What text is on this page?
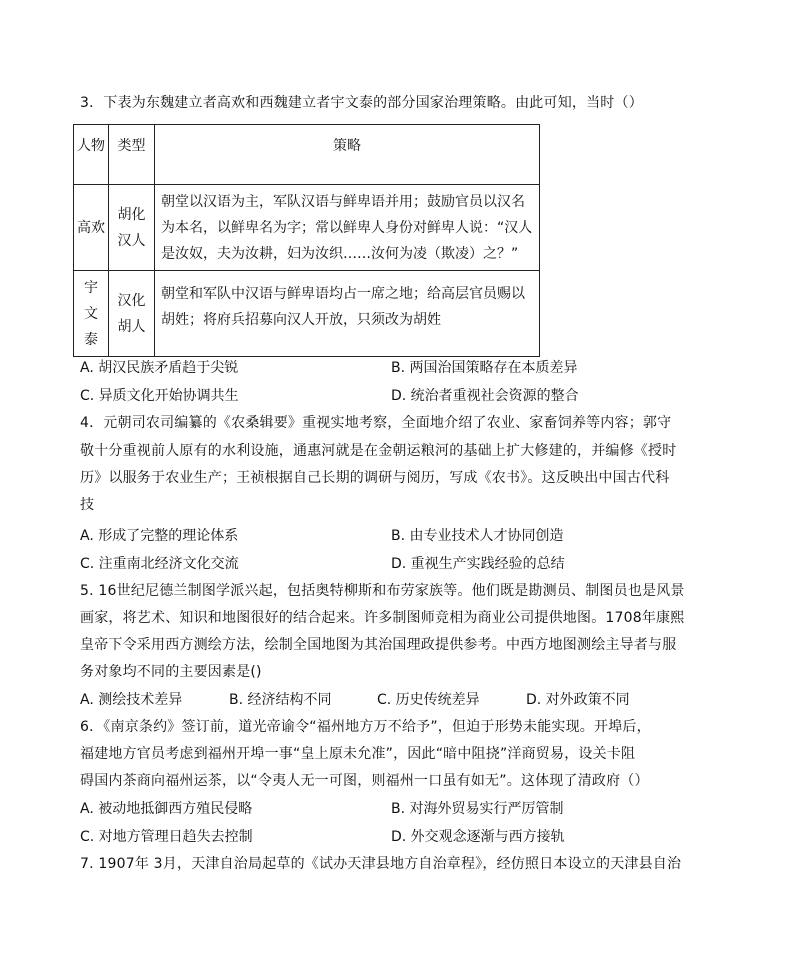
3．下表为东魏建立者高欢和西魏建立者宇文泰的部分国家治理策略。由此可知，当时（）
人物	类型	策略

高欢	胡化汉人	朝堂以汉语为主，军队汉语与鲜卑语并用；鼓励官员以汉名为本名，以鲜卑名为字；常以鲜卑人身份对鲜卑人说：“汉人是汝奴，夫为汝耕，妇为汝织……汝何为凌（欺凌）之？”

宇文泰	汉化胡人	朝堂和军队中汉语与鲜卑语均占一席之地；给高层官员赐以胡姓；将府兵招募向汉人开放，只须改为胡姓
A. 胡汉民族矛盾趋于尖锐	B. 两国治国策略存在本质差异
C. 异质文化开始协调共生	D. 统治者重视社会资源的整合
4．元朝司农司编纂的《农桑辑要》重视实地考察，全面地介绍了农业、家畜饲养等内容；郭守
敬十分重视前人原有的水利设施，通惠河就是在金朝运粮河的基础上扩大修建的，并编修《授时
历》以服务于农业生产；王祯根据自己长期的调研与阅历，写成《农书》。这反映出中国古代科
技
A. 形成了完整的理论体系	B. 由专业技术人才协同创造
C. 注重南北经济文化交流	D. 重视生产实践经验的总结
5. 16世纪尼德兰制图学派兴起，包括奥特柳斯和布劳家族等。他们既是勘测员、制图员也是风景
画家，将艺术、知识和地图很好的结合起来。许多制图师竞相为商业公司提供地图。1708年康熙
皇帝下令采用西方测绘方法，绘制全国地图为其治国理政提供参考。中西方地图测绘主导者与服
务对象均不同的主要因素是()
A. 测绘技术差异	B. 经济结构不同	C. 历史传统差异	D. 对外政策不同
6．《南京条约》签订前，道光帝谕令“福州地方万不给予”，但迫于形势未能实现。开埠后，
福建地方官员考虑到福州开埠一事“皇上原未允准”，因此“暗中阻挠”洋商贸易，设关卡阻
碍国内茶商向福州运茶，以“令夷人无一可图，则福州一口虽有如无”。这体现了清政府（）
A. 被动地抵御西方殖民侵略	B. 对海外贸易实行严厉管制
C. 对地方管理日趋失去控制	D. 外交观念逐渐与西方接轨
7. 1907年 3月，天津自治局起草的《试办天津县地方自治章程》，经仿照日本设立的天津县自治
